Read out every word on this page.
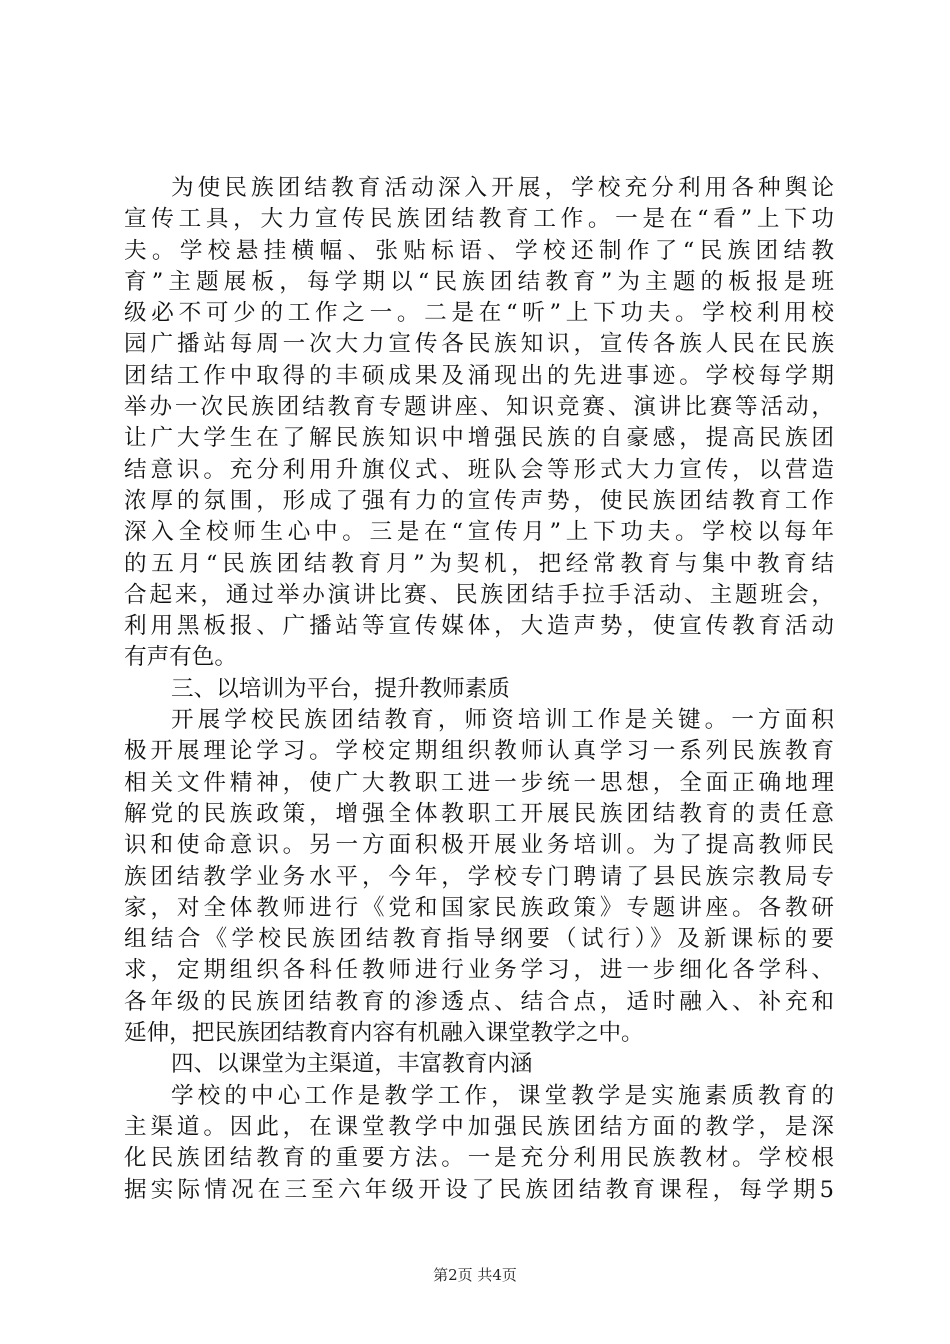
为使民族团结教育活动深入开展，学校充分利用各种舆论
宣传工具，大力宣传民族团结教育工作。一是在“看”上下功
夫。学校悬挂横幅、张贴标语、学校还制作了“民族团结教
育”主题展板，每学期以“民族团结教育”为主题的板报是班
级必不可少的工作之一。二是在“听”上下功夫。学校利用校
园广播站每周一次大力宣传各民族知识，宣传各族人民在民族
团结工作中取得的丰硕成果及涌现出的先进事迹。学校每学期
举办一次民族团结教育专题讲座、知识竞赛、演讲比赛等活动，
让广大学生在了解民族知识中增强民族的自豪感，提高民族团
结意识。充分利用升旗仪式、班队会等形式大力宣传，以营造
浓厚的氛围，形成了强有力的宣传声势，使民族团结教育工作
深入全校师生心中。三是在“宣传月”上下功夫。学校以每年
的五月“民族团结教育月”为契机，把经常教育与集中教育结
合起来，通过举办演讲比赛、民族团结手拉手活动、主题班会，
利用黑板报、广播站等宣传媒体，大造声势，使宣传教育活动
有声有色。
三、以培训为平台，提升教师素质
开展学校民族团结教育，师资培训工作是关键。一方面积
极开展理论学习。学校定期组织教师认真学习一系列民族教育
相关文件精神，使广大教职工进一步统一思想，全面正确地理
解党的民族政策，增强全体教职工开展民族团结教育的责任意
识和使命意识。另一方面积极开展业务培训。为了提高教师民
族团结教学业务水平，今年，学校专门聘请了县民族宗教局专
家，对全体教师进行《党和国家民族政策》专题讲座。各教研
组结合《学校民族团结教育指导纲要（试行）》及新课标的要
求，定期组织各科任教师进行业务学习，进一步细化各学科、
各年级的民族团结教育的渗透点、结合点，适时融入、补充和
延伸，把民族团结教育内容有机融入课堂教学之中。
四、以课堂为主渠道，丰富教育内涵
学校的中心工作是教学工作，课堂教学是实施素质教育的
主渠道。因此，在课堂教学中加强民族团结方面的教学，是深
化民族团结教育的重要方法。一是充分利用民族教材。学校根
据实际情况在三至六年级开设了民族团结教育课程，每学期5
第2页 共4页
